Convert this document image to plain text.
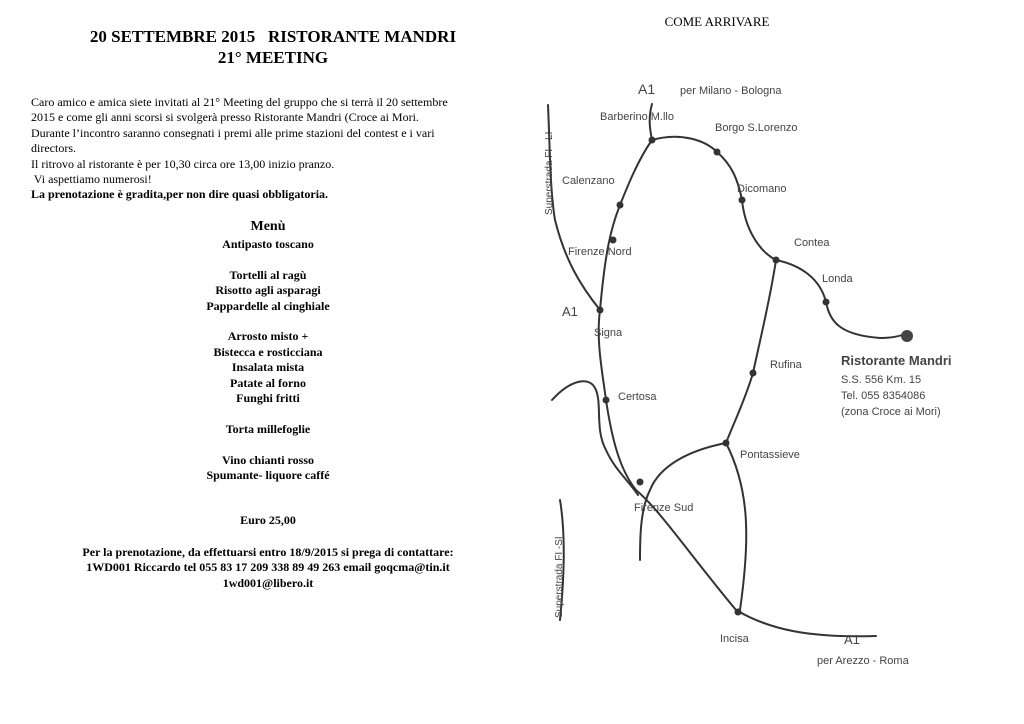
20 SETTEMBRE 2015   RISTORANTE MANDRI
21° MEETING
Caro amico e amica siete invitati al 21° Meeting del gruppo che si terrà il 20 settembre
2015 e come gli anni scorsi si svolgerà presso Ristorante Mandri (Croce ai Mori.
Durante l’incontro saranno consegnati i premi alle prime stazioni del contest e i vari
directors.
Il ritrovo al ristorante è per 10,30 circa ore 13,00 inizio pranzo.
Vi aspettiamo numerosi!
La prenotazione è gradita,per non dire quasi obbligatoria.
Menù
Antipasto toscano
Tortelli al ragù
Risotto agli asparagi
Pappardelle al cinghiale
Arrosto misto +
Bistecca e rosticciana
Insalata mista
Patate al forno
Funghi fritti
Torta millefoglie
Vino chianti rosso
Spumante- liquore caffé
Euro 25,00
Per la prenotazione, da effettuarsi entro 18/9/2015 si prega di contattare:
1WD001 Riccardo tel 055 83 17 209 338 89 49 263 email goqcma@tin.it
1wd001@libero.it
COME ARRIVARE
A1 per Milano - Bologna
Barberino M.llo
Borgo S.Lorenzo
Calenzano
Dicomano
Firenze Nord
Contea
Londa
A1
Signa
Rufina
Certosa
Pontassieve
Firenze Sud
Incisa	A1
per Arezzo - Roma
Ristorante Mandri
S.S. 556 Km. 15
Tel. 055 8354086
(zona Croce ai Mori)
Superstrada FI - LI
Superstrada FI -SI
